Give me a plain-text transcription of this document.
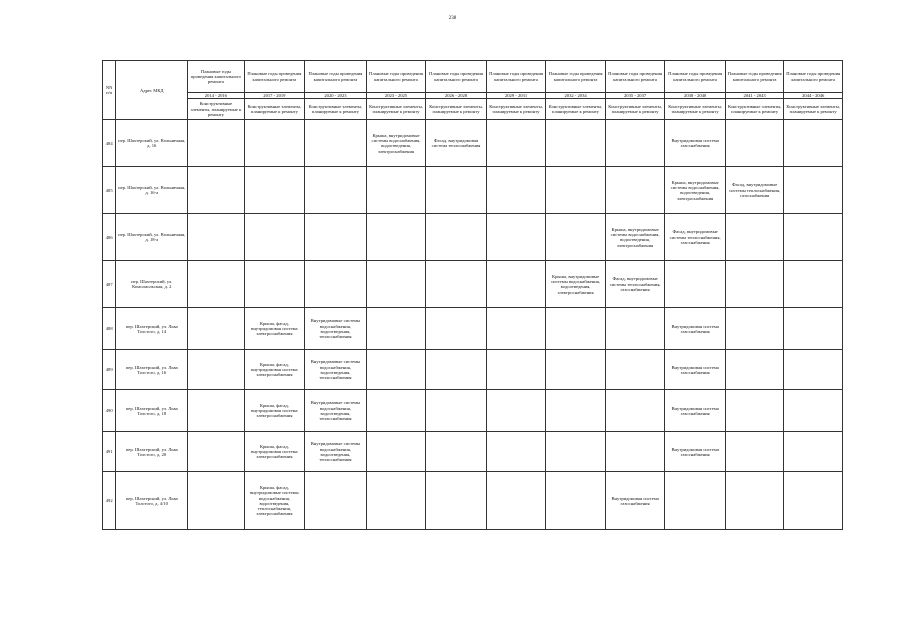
238
NN п/п	Адрес МКД	Плановые годы проведения капитального ремонта	Плановые годы проведения капитального ремонта	Плановые годы проведения капитального ремонта	Плановые годы проведения капитального ремонта	Плановые годы проведения капитального ремонта	Плановые годы проведения капитального ремонта	Плановые годы проведения капитального ремонта	Плановые годы проведения капитального ремонта	Плановые годы проведения капитального ремонта	Плановые годы проведения капитального ремонта	Плановые годы проведения капитального ремонта
		2014 - 2016	2017 - 2019	2020 - 2023	2023 - 2025	2026 - 2028	2029 - 2031	2032 - 2034	2035 - 2037	2038 - 2040	2041 - 2043	2044 - 2046
		Конструктивные элементы, планируемые к ремонту	Конструктивные элементы, планируемые к ремонту	Конструктивные элементы, планируемые к ремонту	Конструктивные элементы, планируемые к ремонту	Конструктивные элементы, планируемые к ремонту	Конструктивные элементы, планируемые к ремонту	Конструктивные элементы, планируемые к ремонту	Конструктивные элементы, планируемые к ремонту	Конструктивные элементы, планируемые к ремонту	Конструктивные элементы, планируемые к ремонту	Конструктивные элементы, планируемые к ремонту
484	пер. Шахтерский, ул. Вольничная, д. 16				Крыша, внутридомовые системы водоснабжения, водоотведения, электроснабжения	Фасад, внутридомовая система теплоснабжения				Внутридомовая система газоснабжения		
485	пер. Шахтерский, ул. Вольничная, д. 16-а									Крыша, внутридомовые системы водоснабжения, водоотведения, электроснабжения	Фасад, внутридомовые системы теплоснабжения, газоснабжения	
486	пер. Шахтерский, ул. Вольничная, д. 18-а								Крыша, внутридомовые системы водоснабжения, водоотведения, электроснабжения	Фасад, внутридомовые системы теплоснабжения, газоснабжения		
487	пер. Шахтерский, ул. Комсомольская, д. 2							Крыша, внутридомовые системы водоснабжения, водоотведения, электроснабжения	Фасад, внутридомовые системы теплоснабжения, газоснабжения			
488	пер. Шахтерский, ул. Льва Толстого, д. 14		Крыша, фасад, внутридомовая система электроснабжения	Внутридомовые системы водоснабжения, водоотведения, теплоснабжения						Внутридомовая система газоснабжения		
489	пер. Шахтерский, ул. Льва Толстого, д. 16		Крыша, фасад, внутридомовая система электроснабжения	Внутридомовые системы водоснабжения, водоотведения, теплоснабжения						Внутридомовая система газоснабжения		
490	пер. Шахтерский, ул. Льва Толстого, д. 18		Крыша, фасад, внутридомовая система электроснабжения	Внутридомовые системы водоснабжения, водоотведения, теплоснабжения						Внутридомовая система газоснабжения		
491	пер. Шахтерский, ул. Льва Толстого, д. 20		Крыша, фасад, внутридомовая система электроснабжения	Внутридомовые системы водоснабжения, водоотведения, теплоснабжения						Внутридомовая система газоснабжения		
492	пер. Шахтерский, ул. Льва Толстого, д. 4/10		Крыша, фасад, внутридомовые системы водоснабжения, водоотведения, теплоснабжения, электроснабжения						Внутридомовая система газоснабжения			
